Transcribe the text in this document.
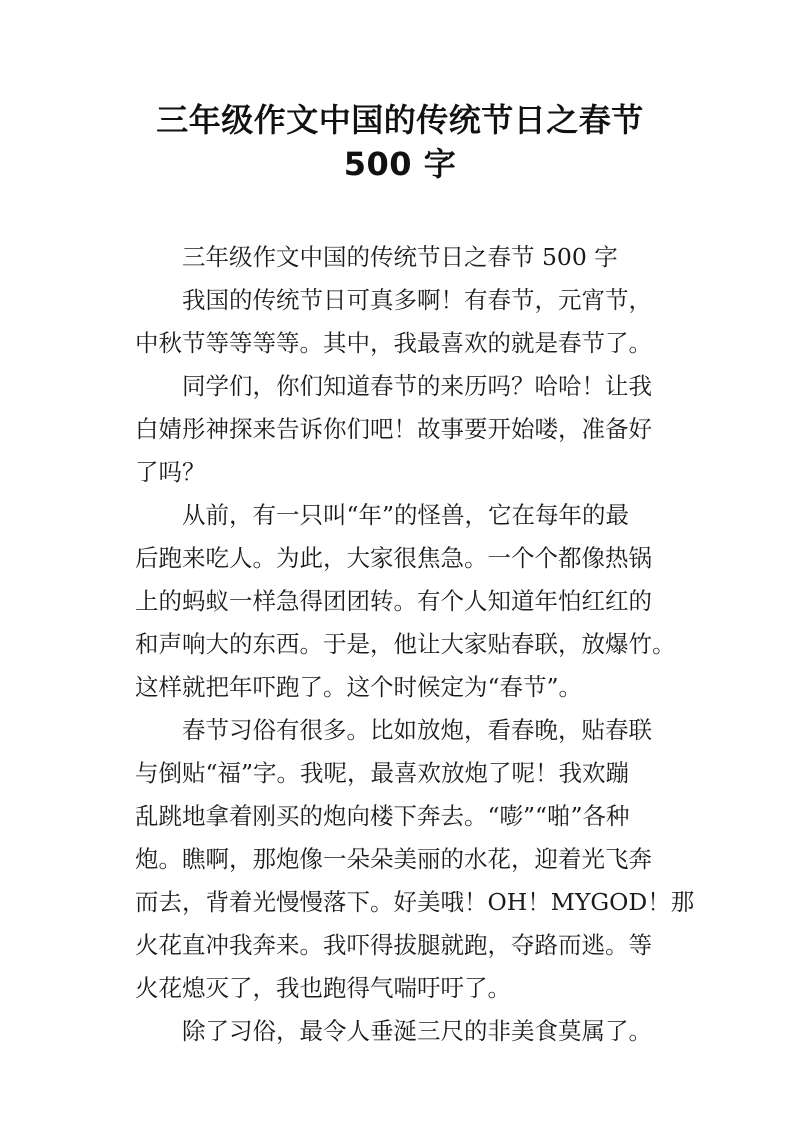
三年级作文中国的传统节日之春节
500 字
三年级作文中国的传统节日之春节 500 字
我国的传统节日可真多啊！有春节，元宵节，
中秋节等等等等。其中，我最喜欢的就是春节了。
同学们，你们知道春节的来历吗？哈哈！让我
白婧彤神探来告诉你们吧！故事要开始喽，准备好
了吗？
从前，有一只叫“年”的怪兽，它在每年的最
后跑来吃人。为此，大家很焦急。一个个都像热锅
上的蚂蚁一样急得团团转。有个人知道年怕红红的
和声响大的东西。于是，他让大家贴春联，放爆竹。
这样就把年吓跑了。这个时候定为“春节”。
春节习俗有很多。比如放炮，看春晚，贴春联
与倒贴“福”字。我呢，最喜欢放炮了呢！我欢蹦
乱跳地拿着刚买的炮向楼下奔去。“嘭”“啪”各种
炮。瞧啊，那炮像一朵朵美丽的水花，迎着光飞奔
而去，背着光慢慢落下。好美哦！OH！MYGOD！那
火花直冲我奔来。我吓得拔腿就跑，夺路而逃。等
火花熄灭了，我也跑得气喘吁吁了。
除了习俗，最令人垂涎三尺的非美食莫属了。
